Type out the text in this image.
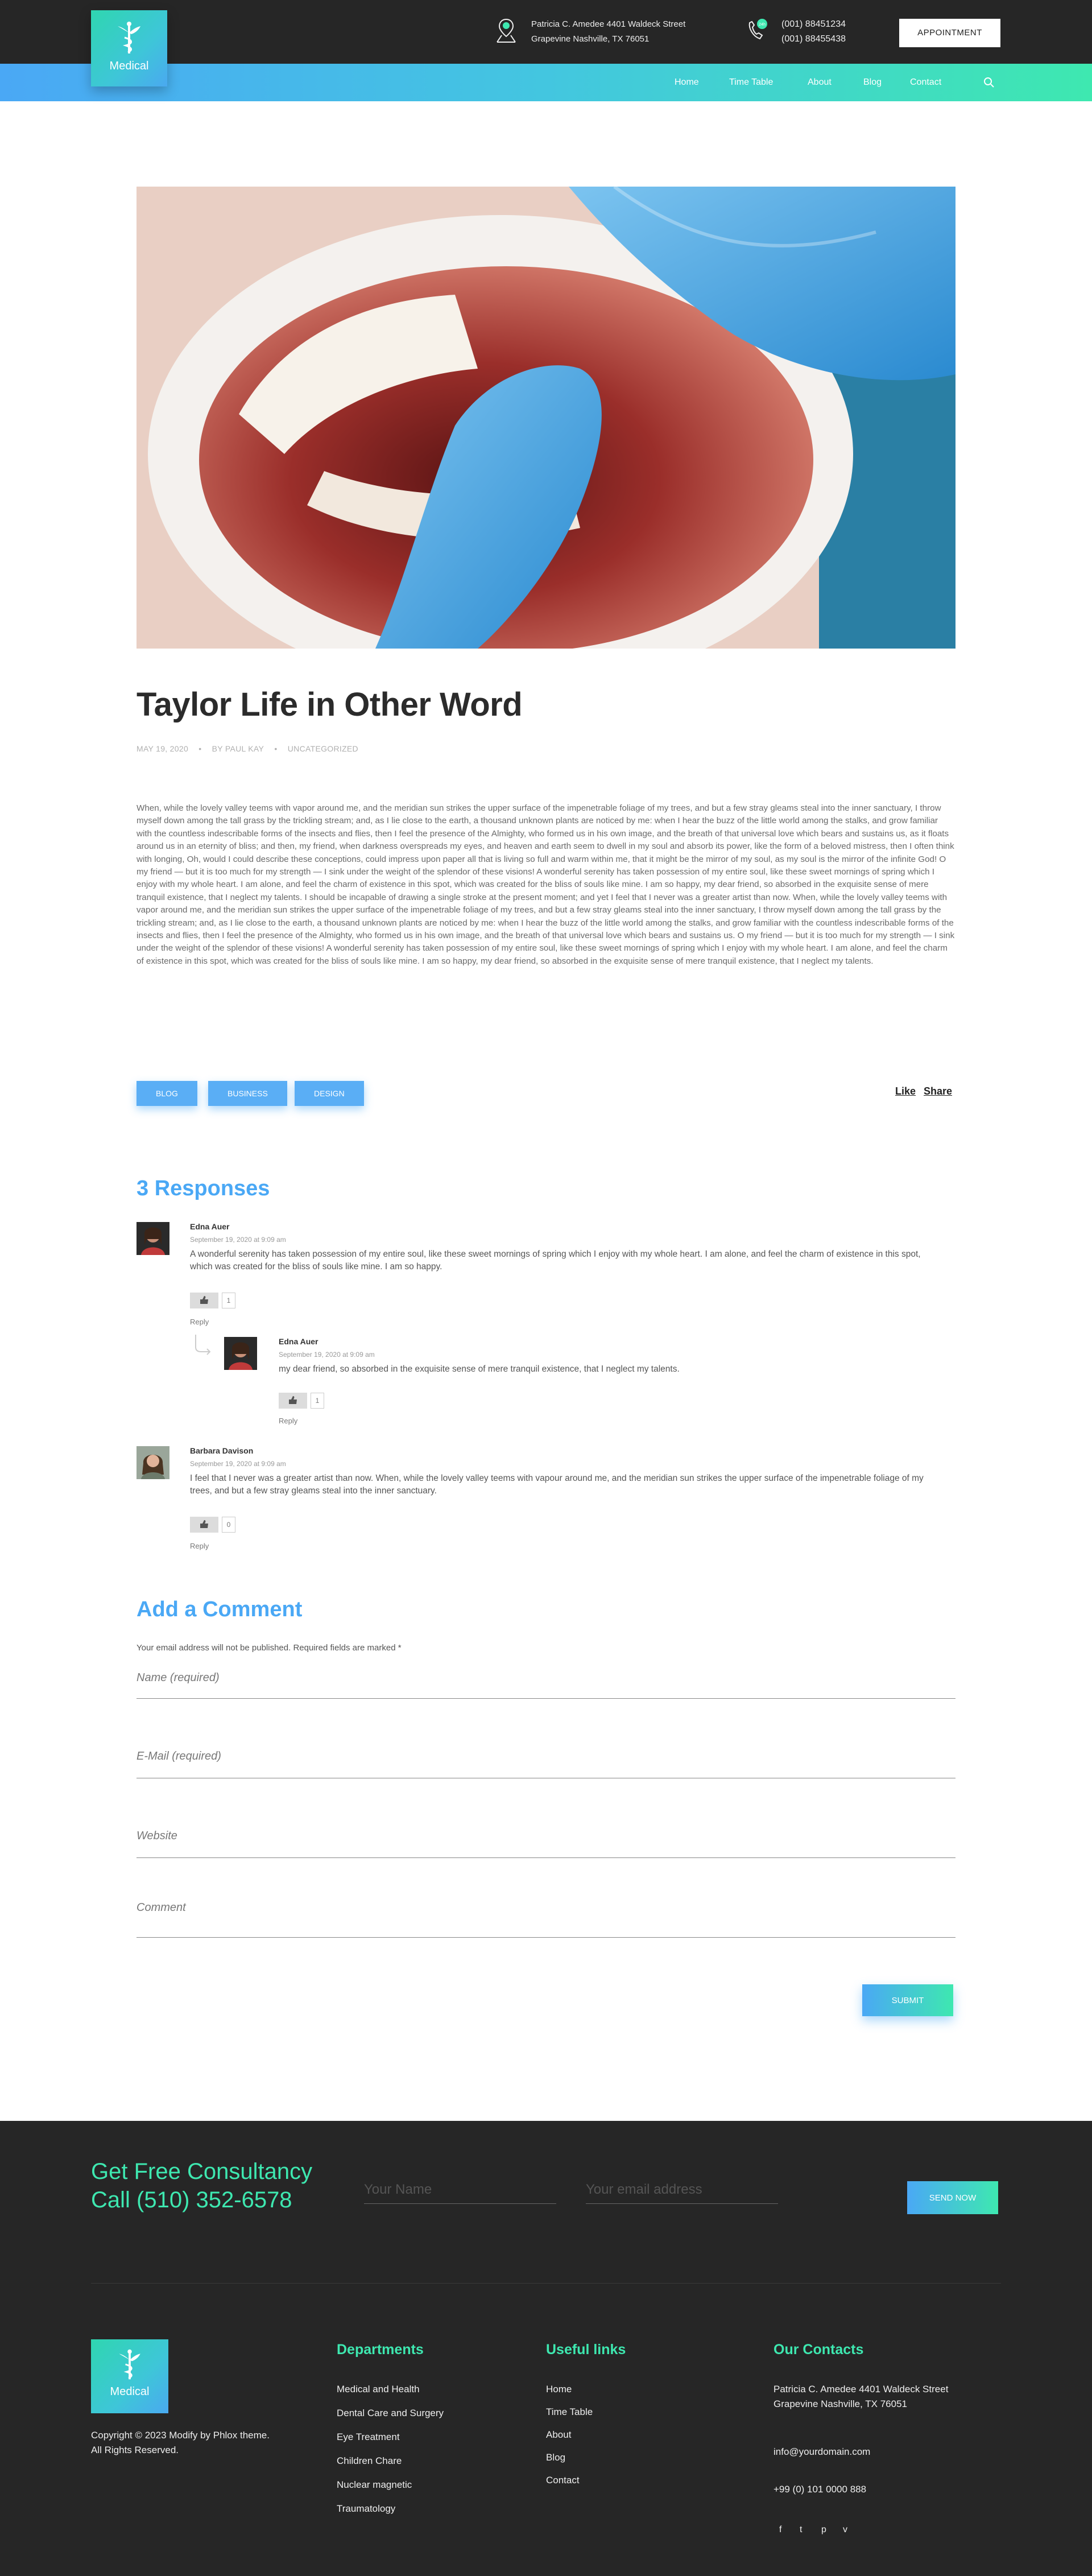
Patricia C. Amedee 4401 Waldeck Street
Grapevine Nashville, TX 76051
24h (001) 88451234
(001) 88455438
APPOINTMENT
Medical
Home	Time Table	About	Blog	Contact
Taylor Life in Other Word
MAY 19, 2020 • BY PAUL KAY • UNCATEGORIZED

When, while the lovely valley teems with vapor around me, and the meridian sun strikes the upper surface of the impenetrable foliage of my trees, and but a few stray gleams steal into the inner sanctuary, I throw myself down among the tall grass by the trickling stream; and, as I lie close to the earth, a thousand unknown plants are noticed by me: when I hear the buzz of the little world among the stalks, and grow familiar with the countless indescribable forms of the insects and flies, then I feel the presence of the Almighty, who formed us in his own image, and the breath of that universal love which bears and sustains us, as it floats around us in an eternity of bliss; and then, my friend, when darkness overspreads my eyes, and heaven and earth seem to dwell in my soul and absorb its power, like the form of a beloved mistress, then I often think with longing, Oh, would I could describe these conceptions, could impress upon paper all that is living so full and warm within me, that it might be the mirror of my soul, as my soul is the mirror of the infinite God! O my friend — but it is too much for my strength — I sink under the weight of the splendor of these visions! A wonderful serenity has taken possession of my entire soul, like these sweet mornings of spring which I enjoy with my whole heart. I am alone, and feel the charm of existence in this spot, which was created for the bliss of souls like mine. I am so happy, my dear friend, so absorbed in the exquisite sense of mere tranquil existence, that I neglect my talents. I should be incapable of drawing a single stroke at the present moment; and yet I feel that I never was a greater artist than now. When, while the lovely valley teems with vapor around me, and the meridian sun strikes the upper surface of the impenetrable foliage of my trees, and but a few stray gleams steal into the inner sanctuary, I throw myself down among the tall grass by the trickling stream; and, as I lie close to the earth, a thousand unknown plants are noticed by me: when I hear the buzz of the little world among the stalks, and grow familiar with the countless indescribable forms of the insects and flies, then I feel the presence of the Almighty, who formed us in his own image, and the breath of that universal love which bears and sustains us. O my friend — but it is too much for my strength — I sink under the weight of the splendor of these visions! A wonderful serenity has taken possession of my entire soul, like these sweet mornings of spring which I enjoy with my whole heart. I am alone, and feel the charm of existence in this spot, which was created for the bliss of souls like mine. I am so happy, my dear friend, so absorbed in the exquisite sense of mere tranquil existence, that I neglect my talents.

BLOG	BUSINESS	DESIGN	Like Share
3 Responses
Edna Auer
September 19, 2020 at 9:09 am
A wonderful serenity has taken possession of my entire soul, like these sweet mornings of spring which I enjoy with my whole heart. I am alone, and feel the charm of existence in this spot, which was created for the bliss of souls like mine. I am so happy.
1
Reply
Edna Auer
September 19, 2020 at 9:09 am
my dear friend, so absorbed in the exquisite sense of mere tranquil existence, that I neglect my talents.
1
Reply
Barbara Davison
September 19, 2020 at 9:09 am
I feel that I never was a greater artist than now. When, while the lovely valley teems with vapour around me, and the meridian sun strikes the upper surface of the impenetrable foliage of my trees, and but a few stray gleams steal into the inner sanctuary.
0
Reply
Add a Comment
Your email address will not be published. Required fields are marked *
Name (required)
E-Mail (required)
Website
Comment
SUBMIT
Get Free Consultancy
Call (510) 352-6578
Your Name
Your email address	SEND NOW
Medical
Copyright © 2023 Modify by Phlox theme.
All Rights Reserved.
Departments
Medical and Health
Dental Care and Surgery
Eye Treatment
Children Chare
Nuclear magnetic
Traumatology
Useful links
Home
Time Table
About
Blog
Contact
Our Contacts
Patricia C. Amedee 4401 Waldeck Street
Grapevine Nashville, TX 76051
info@yourdomain.com
+99 (0) 101 0000 888
f t p v
